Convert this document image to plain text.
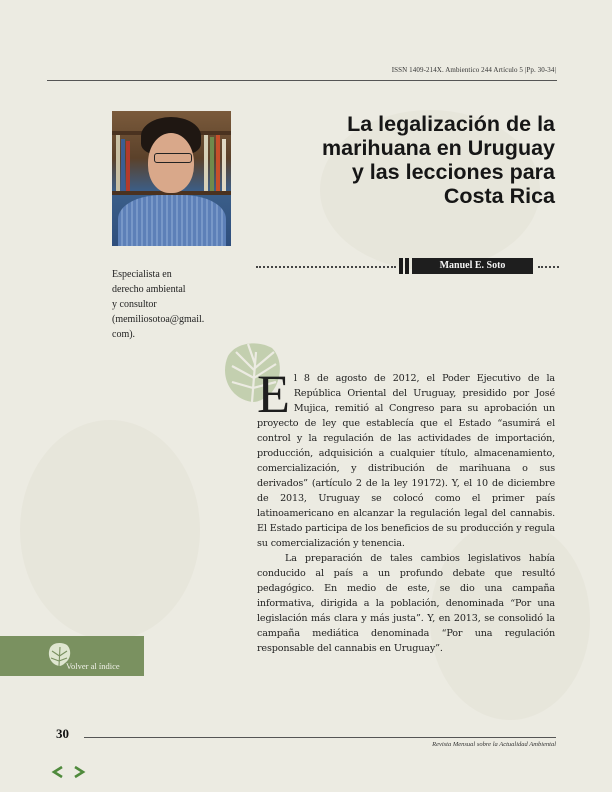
ISSN 1409-214X. Ambientico 244 Artículo 5 |Pp. 30-34|
La legalización de la
marihuana en Uruguay
y las lecciones para
Costa Rica
Manuel E. Soto
Especialista en
derecho ambiental
y consultor
(memiliosotoa@gmail.
com).

El 8 de agosto de 2012, el Poder Ejecutivo de la República Oriental del Uruguay, presidido por José Mujica, remitió al Congreso para su aprobación un proyecto de ley que establecía que el Estado “asumirá el control y la regulación de las actividades de importación, producción, adquisición a cualquier título, almacenamiento, comercialización, y distribución de marihuana o sus derivados” (artículo 2 de la ley 19172). Y, el 10 de diciembre de 2013, Uruguay se colocó como el primer país latinoamericano en alcanzar la regulación legal del cannabis. El Estado participa de los beneficios de su producción y regula su comercialización y tenencia.

La preparación de tales cambios legislativos había conducido al país a un profundo debate que resultó pedagógico. En medio de este, se dio una campaña informativa, dirigida a la población, denominada “Por una legislación más clara y más justa”. Y, en 2013, se consolidó la campaña mediática denominada “Por una regulación responsable del cannabis en Uruguay”.

Volver al índice
30
Revista Mensual sobre la Actualidad Ambiental
